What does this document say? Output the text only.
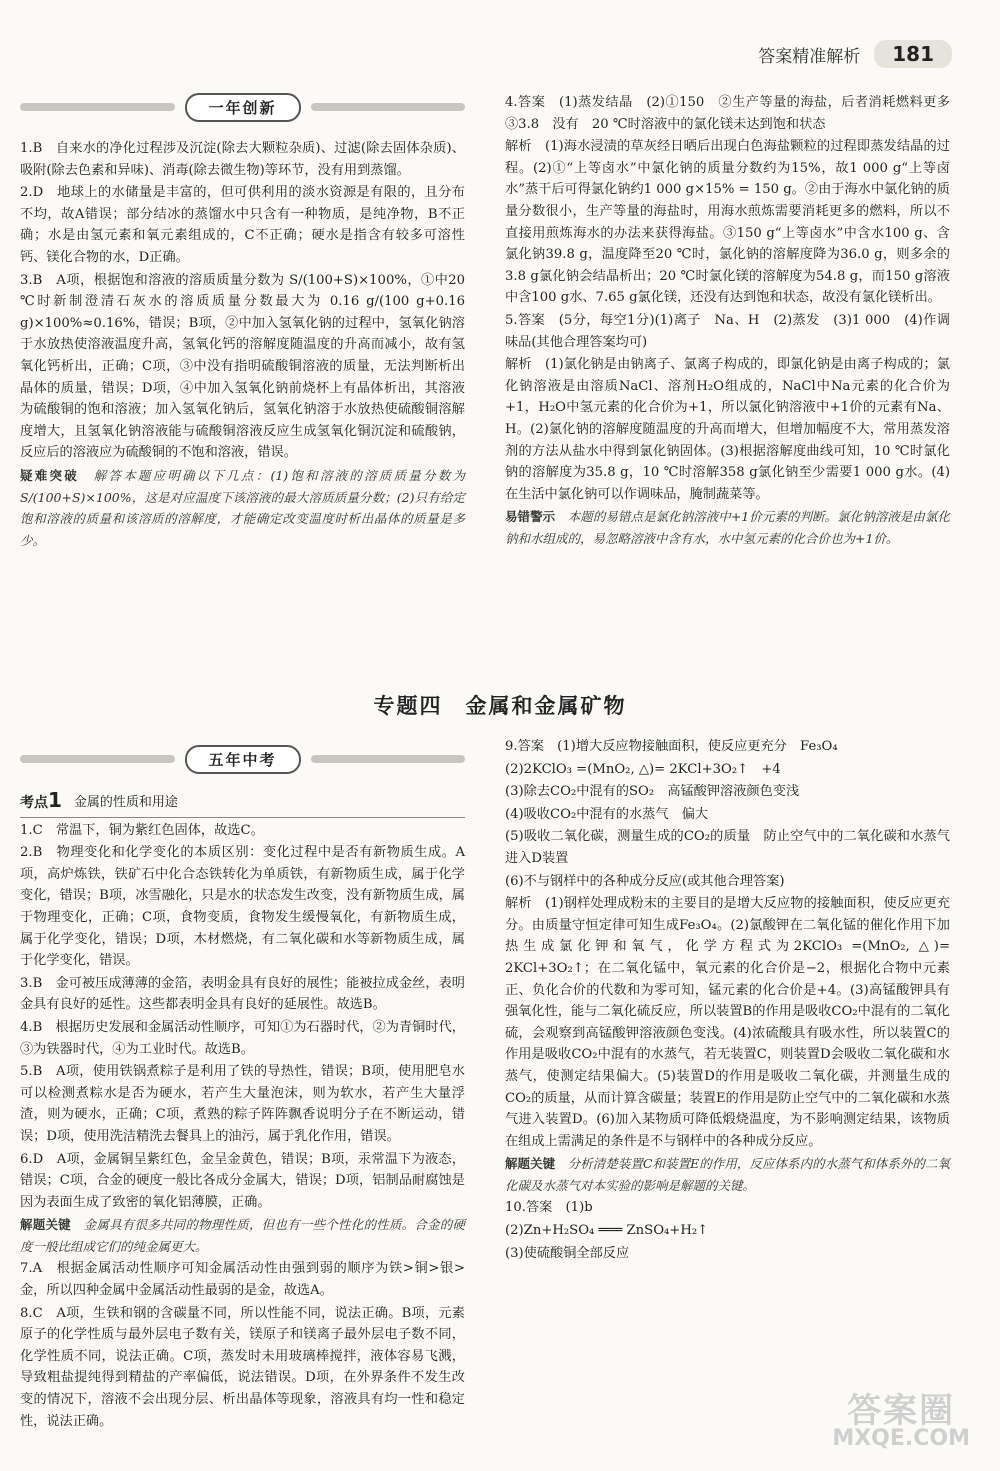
答案精准解析	181
一年创新

1.B　自来水的净化过程涉及沉淀(除去大颗粒杂质)、过滤(除去固体杂质)、吸附(除去色素和异味)、消毒(除去微生物)等环节，没有用到蒸馏。

2.D　地球上的水储量是丰富的，但可供利用的淡水资源是有限的，且分布不均，故A错误；部分结冰的蒸馏水中只含有一种物质，是纯净物，B不正确；水是由氢元素和氧元素组成的，C不正确；硬水是指含有较多可溶性钙、镁化合物的水，D正确。

3.B　A项，根据饱和溶液的溶质质量分数为 S/(100+S)×100%，①中20 ℃时新制澄清石灰水的溶质质量分数最大为 0.16 g/(100 g+0.16 g)×100%≈0.16%，错误；B项，②中加入氢氧化钠的过程中，氢氧化钠溶于水放热使溶液温度升高，氢氧化钙的溶解度随温度的升高而减小，故有氢氧化钙析出，正确；C项，③中没有指明硫酸铜溶液的质量，无法判断析出晶体的质量，错误；D项，④中加入氢氧化钠前烧杯上有晶体析出，其溶液为硫酸铜的饱和溶液；加入氢氧化钠后，氢氧化钠溶于水放热使硫酸铜溶解度增大，且氢氧化钠溶液能与硫酸铜溶液反应生成氢氧化铜沉淀和硫酸钠，反应后的溶液应为硫酸铜的不饱和溶液，错误。

疑难突破　 解答本题应明确以下几点：(1)饱和溶液的溶质质量分数为 S/(100+S)×100%，这是对应温度下该溶液的最大溶质质量分数；(2)只有给定饱和溶液的质量和该溶质的溶解度，才能确定改变温度时析出晶体的质量是多少。

4.答案　(1)蒸发结晶　(2)①150　②生产等量的海盐，后者消耗燃料更多　③3.8　没有　20 ℃时溶液中的氯化镁未达到饱和状态

解析　(1)海水浸渍的草灰经日晒后出现白色海盐颗粒的过程即蒸发结晶的过程。(2)①“上等卤水”中氯化钠的质量分数约为15%，故1 000 g“上等卤水”蒸干后可得氯化钠约1 000 g×15% = 150 g。②由于海水中氯化钠的质量分数很小，生产等量的海盐时，用海水煎炼需要消耗更多的燃料，所以不直接用煎炼海水的办法来获得海盐。③150 g“上等卤水”中含水100 g、含氯化钠39.8 g，温度降至20 ℃时，氯化钠的溶解度降为36.0 g，则多余的3.8 g氯化钠会结晶析出；20 ℃时氯化镁的溶解度为54.8 g，而150 g溶液中含100 g水、7.65 g氯化镁，还没有达到饱和状态，故没有氯化镁析出。

5.答案　(5分，每空1分)(1)离子　Na、H　(2)蒸发　(3)1 000　(4)作调味品(其他合理答案均可)

解析　(1)氯化钠是由钠离子、氯离子构成的，即氯化钠是由离子构成的；氯化钠溶液是由溶质NaCl、溶剂H₂O组成的，NaCl中Na元素的化合价为+1，H₂O中氢元素的化合价为+1，所以氯化钠溶液中+1价的元素有Na、H。(2)氯化钠的溶解度随温度的升高而增大，但增加幅度不大，常用蒸发溶剂的方法从盐水中得到氯化钠固体。(3)根据溶解度曲线可知，10 ℃时氯化钠的溶解度为35.8 g，10 ℃时溶解358 g氯化钠至少需要1 000 g水。(4)在生活中氯化钠可以作调味品，腌制蔬菜等。

易错警示　 本题的易错点是氯化钠溶液中+1价元素的判断。氯化钠溶液是由氯化钠和水组成的，易忽略溶液中含有水，水中氢元素的化合价也为+1价。

专题四　金属和金属矿物
五年中考
考点1 金属的性质和用途

1.C　常温下，铜为紫红色固体，故选C。

2.B　物理变化和化学变化的本质区别：变化过程中是否有新物质生成。A项，高炉炼铁，铁矿石中化合态铁转化为单质铁，有新物质生成，属于化学变化，错误；B项，冰雪融化，只是水的状态发生改变，没有新物质生成，属于物理变化，正确；C项，食物变质，食物发生缓慢氧化，有新物质生成，属于化学变化，错误；D项，木材燃烧，有二氧化碳和水等新物质生成，属于化学变化，错误。

3.B　金可被压成薄薄的金箔，表明金具有良好的展性；能被拉成金丝，表明金具有良好的延性。这些都表明金具有良好的延展性。故选B。

4.B　根据历史发展和金属活动性顺序，可知①为石器时代，②为青铜时代，③为铁器时代，④为工业时代。故选B。

5.B　A项，使用铁锅煮粽子是利用了铁的导热性，错误；B项，使用肥皂水可以检测煮粽水是否为硬水，若产生大量泡沫，则为软水，若产生大量浮渣，则为硬水，正确；C项，煮熟的粽子阵阵飘香说明分子在不断运动，错误；D项，使用洗洁精洗去餐具上的油污，属于乳化作用，错误。

6.D　A项，金属铜呈紫红色，金呈金黄色，错误；B项，汞常温下为液态，错误；C项，合金的硬度一般比各成分金属大，错误；D项，铝制品耐腐蚀是因为表面生成了致密的氧化铝薄膜，正确。

解题关键　 金属具有很多共同的物理性质，但也有一些个性化的性质。合金的硬度一般比组成它们的纯金属更大。

7.A　根据金属活动性顺序可知金属活动性由强到弱的顺序为铁>铜>银>金，所以四种金属中金属活动性最弱的是金，故选A。

8.C　A项，生铁和钢的含碳量不同，所以性能不同，说法正确。B项，元素原子的化学性质与最外层电子数有关，镁原子和镁离子最外层电子数不同，化学性质不同，说法正确。C项，蒸发时未用玻璃棒搅拌，液体容易飞溅，导致粗盐提纯得到精盐的产率偏低，说法错误。D项，在外界条件不发生改变的情况下，溶液不会出现分层、析出晶体等现象，溶液具有均一性和稳定性，说法正确。

9.答案　(1)增大反应物接触面积，使反应更充分　Fe₃O₄

(2)2KClO₃ =(MnO₂, △)= 2KCl+3O₂↑　+4

(3)除去CO₂中混有的SO₂　高锰酸钾溶液颜色变浅

(4)吸收CO₂中混有的水蒸气　偏大

(5)吸收二氧化碳，测量生成的CO₂的质量　防止空气中的二氧化碳和水蒸气进入D装置

(6)不与钢样中的各种成分反应(或其他合理答案)

解析　(1)钢样处理成粉末的主要目的是增大反应物的接触面积，使反应更充分。由质量守恒定律可知生成Fe₃O₄。(2)氯酸钾在二氧化锰的催化作用下加热生成氯化钾和氧气，化学方程式为2KClO₃ =(MnO₂, △)= 2KCl+3O₂↑；在二氧化锰中，氧元素的化合价是−2，根据化合物中元素正、负化合价的代数和为零可知，锰元素的化合价是+4。(3)高锰酸钾具有强氧化性，能与二氧化硫反应，所以装置B的作用是吸收CO₂中混有的二氧化硫，会观察到高锰酸钾溶液颜色变浅。(4)浓硫酸具有吸水性，所以装置C的作用是吸收CO₂中混有的水蒸气，若无装置C，则装置D会吸收二氧化碳和水蒸气，使测定结果偏大。(5)装置D的作用是吸收二氧化碳，并测量生成的CO₂的质量，从而计算含碳量；装置E的作用是防止空气中的二氧化碳和水蒸气进入装置D。(6)加入某物质可降低煅烧温度，为不影响测定结果，该物质在组成上需满足的条件是不与钢样中的各种成分反应。

解题关键　 分析清楚装置C和装置E的作用，反应体系内的水蒸气和体系外的二氧化碳及水蒸气对本实验的影响是解题的关键。

10.答案　(1)b

(2)Zn+H₂SO₄ ═══ ZnSO₄+H₂↑

(3)使硫酸铜全部反应

答案圈
MXQE.COM
